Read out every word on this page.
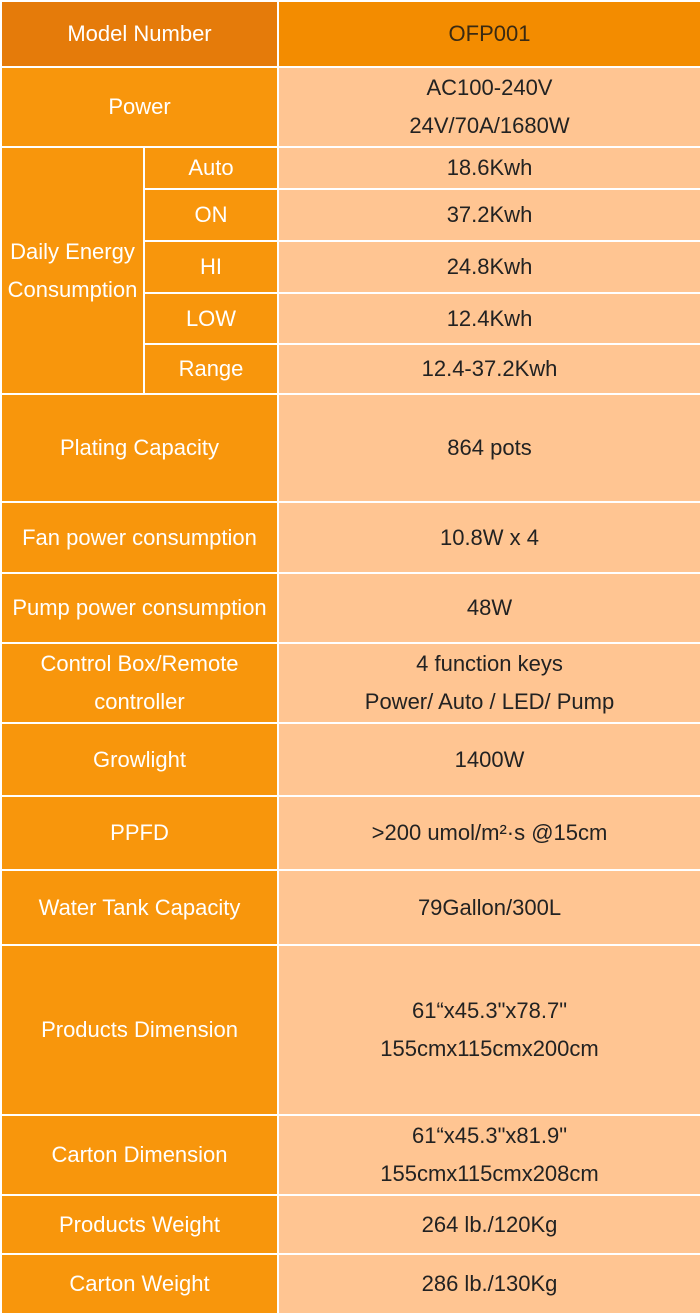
Model Number		OFP001
Power		AC100-240V
24V/70A/1680W

Daily Energy
Consumption	Auto	18.6Kwh
	ON	37.2Kwh
	HI	24.8Kwh
	LOW	12.4Kwh
	Range	12.4-37.2Kwh
Plating Capacity		864 pots
Fan power consumption		10.8W x 4
Pump power consumption		48W

Control Box/Remote
controller		4 function keys
Power/ Auto / LED/ Pump

Growlight		1400W
PPFD		>200 umol/m²·s @15cm
Water Tank Capacity		79Gallon/300L
Products Dimension		61“x45.3"x78.7"
155cmx115cmx200cm

Carton Dimension		61“x45.3"x81.9"
155cmx115cmx208cm

Products Weight		264 lb./120Kg
Carton Weight		286 lb./130Kg
